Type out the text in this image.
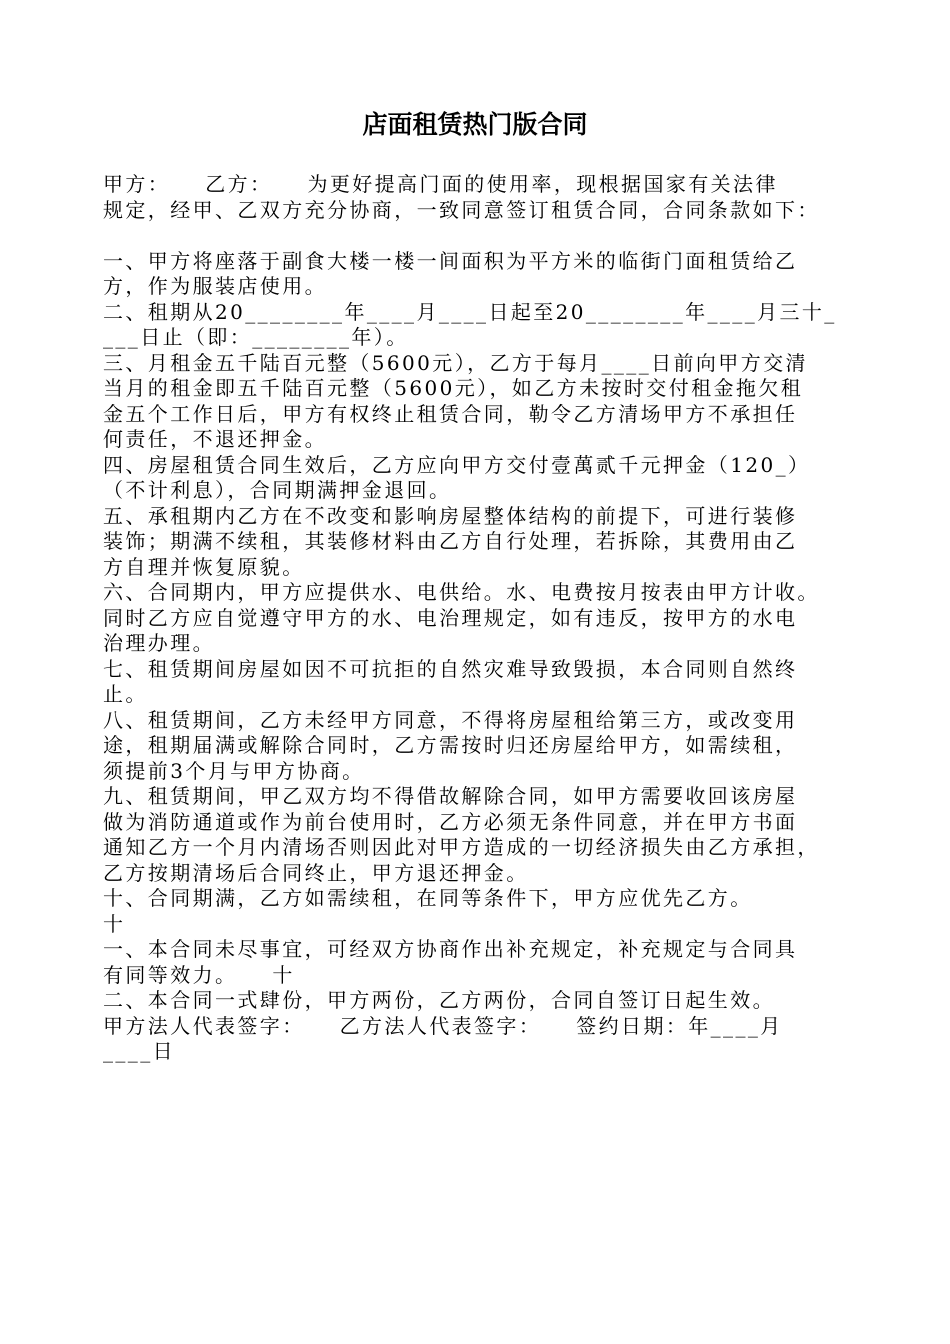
店面租赁热门版合同
甲方：    乙方：    为更好提高门面的使用率，现根据国家有关法律
规定，经甲、乙双方充分协商，一致同意签订租赁合同，合同条款如下：
一、甲方将座落于副食大楼一楼一间面积为平方米的临街门面租赁给乙
方，作为服装店使用。
二、租期从20________年____月____日起至20________年____月三十_
___日止（即：________年）。
三、月租金五千陆百元整（5600元），乙方于每月____日前向甲方交清
当月的租金即五千陆百元整（5600元），如乙方未按时交付租金拖欠租
金五个工作日后，甲方有权终止租赁合同，勒令乙方清场甲方不承担任
何责任，不退还押金。
四、房屋租赁合同生效后，乙方应向甲方交付壹萬贰千元押金（120_）
（不计利息），合同期满押金退回。
五、承租期内乙方在不改变和影响房屋整体结构的前提下，可进行装修
装饰；期满不续租，其装修材料由乙方自行处理，若拆除，其费用由乙
方自理并恢复原貌。
六、合同期内，甲方应提供水、电供给。水、电费按月按表由甲方计收。
同时乙方应自觉遵守甲方的水、电治理规定，如有违反，按甲方的水电
治理办理。
七、租赁期间房屋如因不可抗拒的自然灾难导致毁损，本合同则自然终
止。
八、租赁期间，乙方未经甲方同意，不得将房屋租给第三方，或改变用
途，租期届满或解除合同时，乙方需按时归还房屋给甲方，如需续租，
须提前3个月与甲方协商。
九、租赁期间，甲乙双方均不得借故解除合同，如甲方需要收回该房屋
做为消防通道或作为前台使用时，乙方必须无条件同意，并在甲方书面
通知乙方一个月内清场否则因此对甲方造成的一切经济损失由乙方承担，
乙方按期清场后合同终止，甲方退还押金。
十、合同期满，乙方如需续租，在同等条件下，甲方应优先乙方。
十
一、本合同未尽事宜，可经双方协商作出补充规定，补充规定与合同具
有同等效力。    十
二、本合同一式肆份，甲方两份，乙方两份，合同自签订日起生效。
甲方法人代表签字：    乙方法人代表签字：    签约日期：年____月
____日
